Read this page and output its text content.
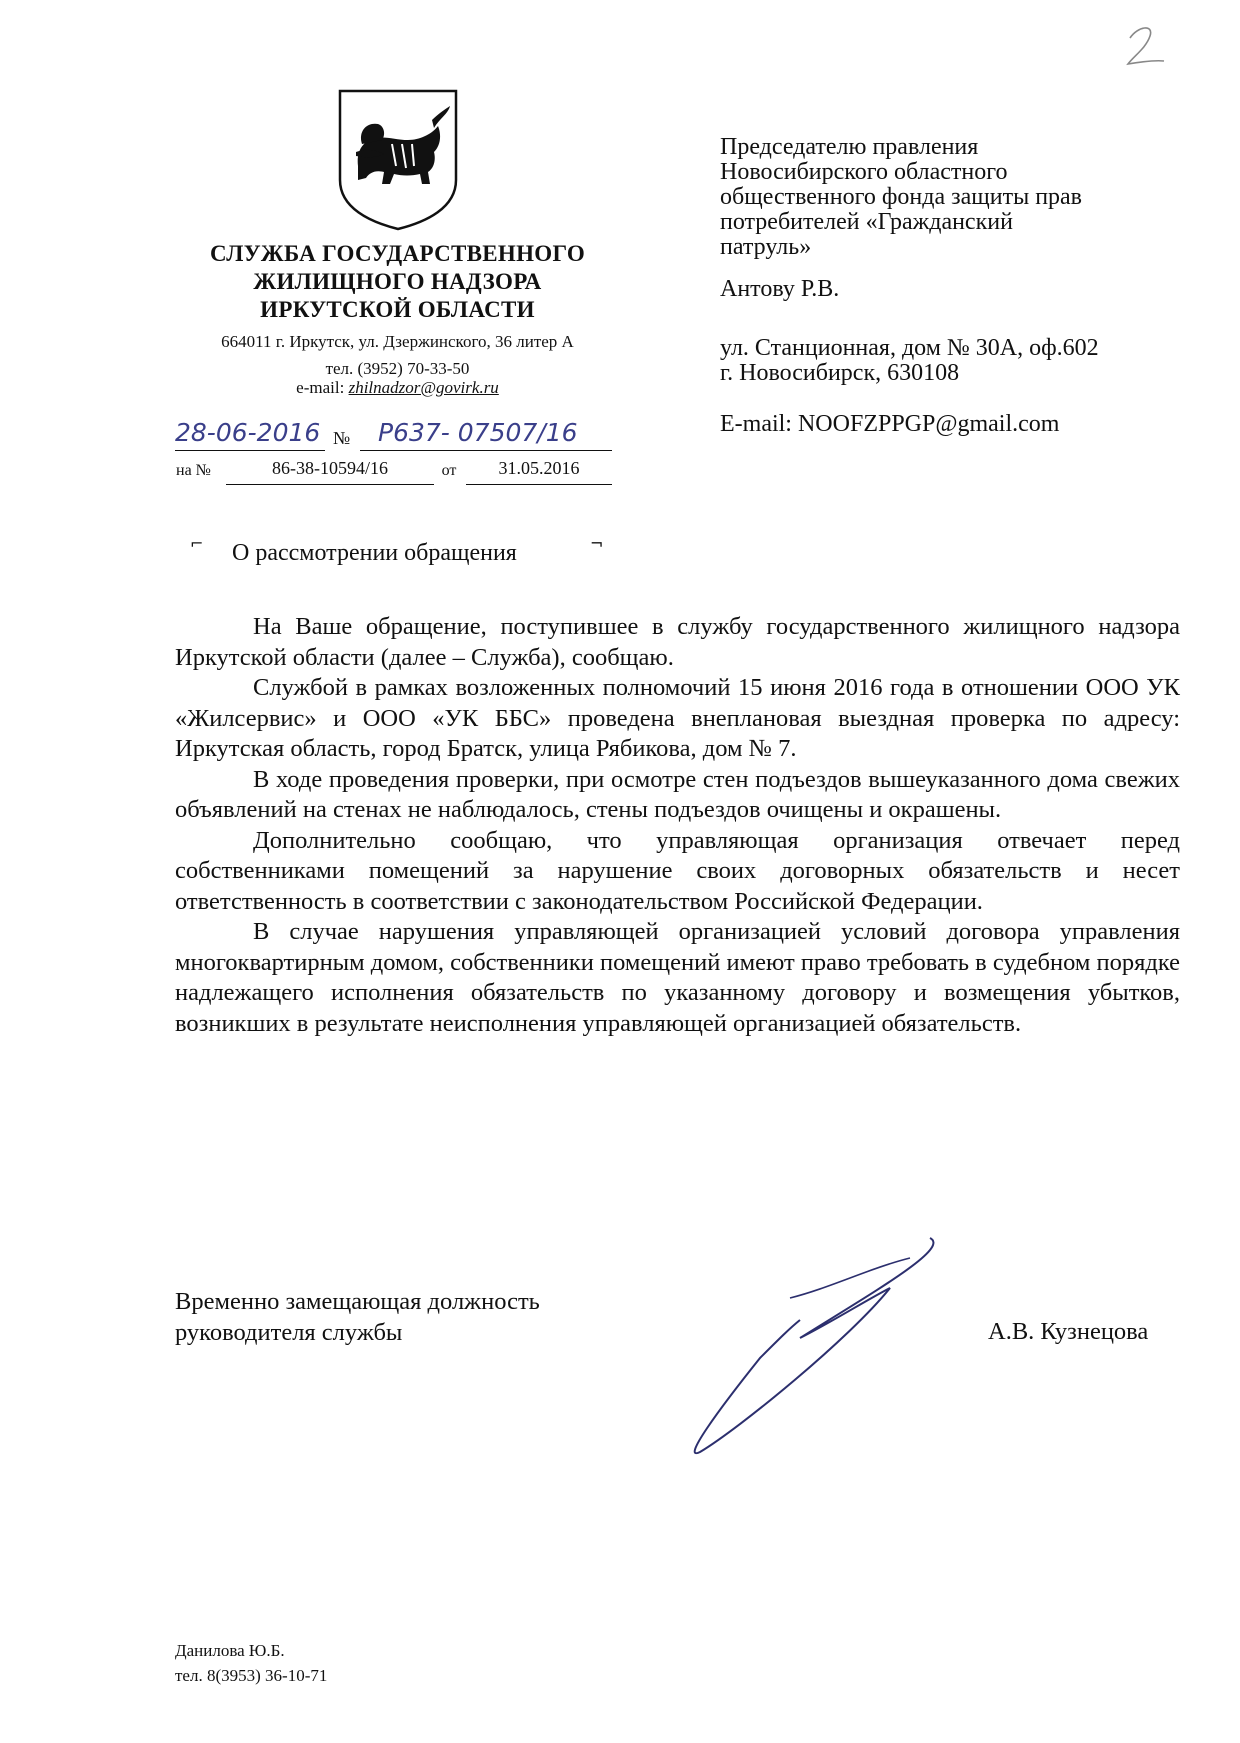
СЛУЖБА ГОСУДАРСТВЕННОГО
ЖИЛИЩНОГО НАДЗОРА
ИРКУТСКОЙ ОБЛАСТИ
664011 г. Иркутск, ул. Дзержинского, 36 литер А
тел. (3952) 70-33-50
e-mail: zhilnadzor@govirk.ru
28-06-2016 №	Р637- 07507/16
на №	86-38-10594/16	от	31.05.2016
Председателю правления
Новосибирского областного
общественного фонда защиты прав
потребителей «Гражданский
патруль»
Антову Р.В.
ул. Станционная, дом № 30А, оф.602
г. Новосибирск, 630108
E-mail: NOOFZPPGP@gmail.com
⌐ О рассмотрении обращения	¬

На Ваше обращение, поступившее в службу государственного жилищного надзора Иркутской области (далее – Служба), сообщаю.

Службой в рамках возложенных полномочий 15 июня 2016 года в отношении ООО УК «Жилсервис» и ООО «УК ББС» проведена внеплановая выездная проверка по адресу: Иркутская область, город Братск, улица Рябикова, дом № 7.

В ходе проведения проверки, при осмотре стен подъездов вышеуказанного дома свежих объявлений на стенах не наблюдалось, стены подъездов очищены и окрашены.

Дополнительно сообщаю, что управляющая организация отвечает перед собственниками помещений за нарушение своих договорных обязательств и несет ответственность в соответствии с законодательством Российской Федерации.

В случае нарушения управляющей организацией условий договора управления многоквартирным домом, собственники помещений имеют право требовать в судебном порядке надлежащего исполнения обязательств по указанному договору и возмещения убытков, возникших в результате неисполнения управляющей организацией обязательств.

Временно замещающая должность
руководителя службы	А.В. Кузнецова
Данилова Ю.Б.
тел. 8(3953) 36-10-71
